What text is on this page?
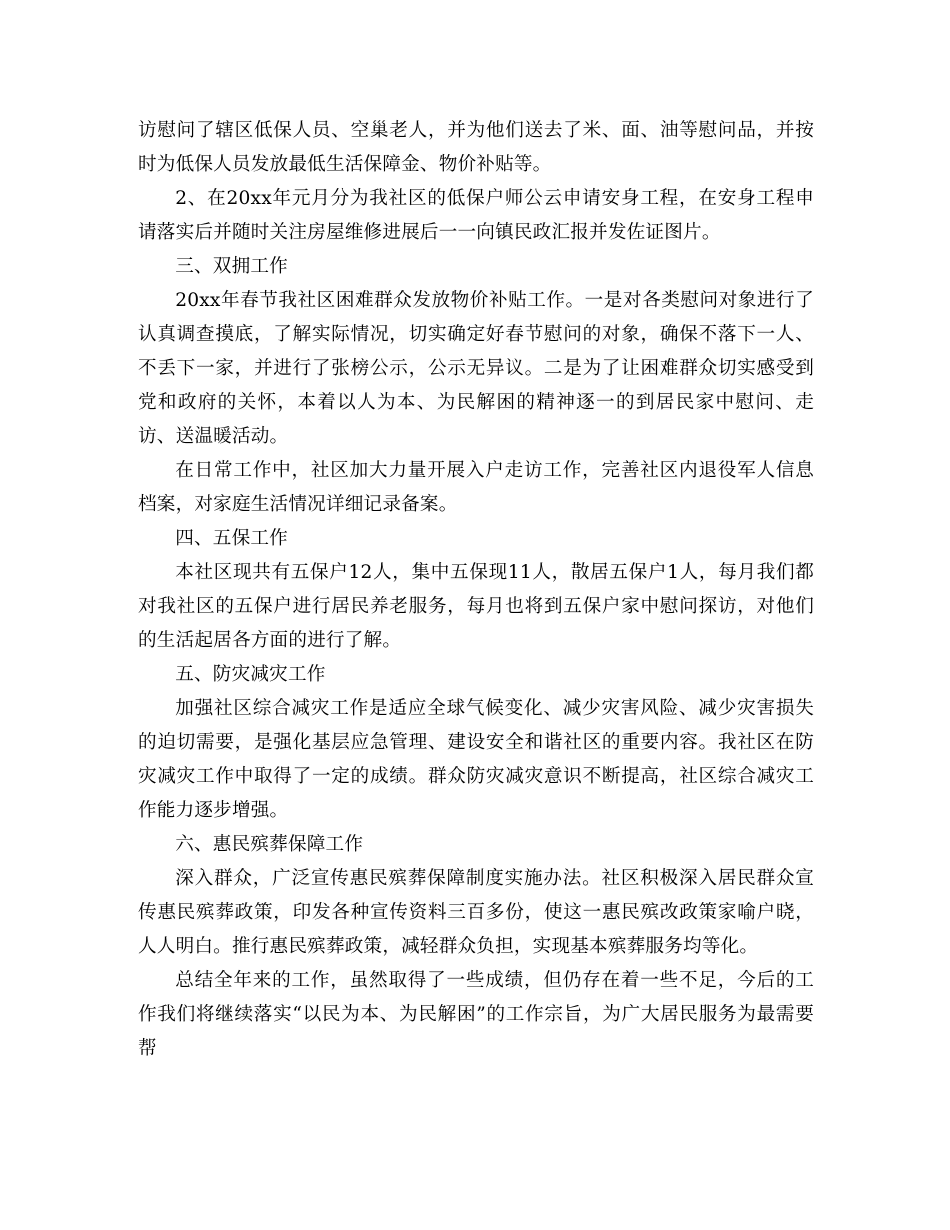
访慰问了辖区低保人员、空巢老人，并为他们送去了米、面、油等慰问品，并按时为低保人员发放最低生活保障金、物价补贴等。

2、在20xx年元月分为我社区的低保户师公云申请安身工程，在安身工程申请落实后并随时关注房屋维修进展后一一向镇民政汇报并发佐证图片。

三、双拥工作

20xx年春节我社区困难群众发放物价补贴工作。一是对各类慰问对象进行了认真调查摸底，了解实际情况，切实确定好春节慰问的对象，确保不落下一人、不丢下一家，并进行了张榜公示，公示无异议。二是为了让困难群众切实感受到党和政府的关怀，本着以人为本、为民解困的精神逐一的到居民家中慰问、走访、送温暖活动。

在日常工作中，社区加大力量开展入户走访工作，完善社区内退役军人信息档案，对家庭生活情况详细记录备案。

四、五保工作

本社区现共有五保户12人，集中五保现11人，散居五保户1人，每月我们都对我社区的五保户进行居民养老服务，每月也将到五保户家中慰问探访，对他们的生活起居各方面的进行了解。

五、防灾减灾工作

加强社区综合减灾工作是适应全球气候变化、减少灾害风险、减少灾害损失的迫切需要，是强化基层应急管理、建设安全和谐社区的重要内容。我社区在防灾减灾工作中取得了一定的成绩。群众防灾减灾意识不断提高，社区综合减灾工作能力逐步增强。

六、惠民殡葬保障工作

深入群众，广泛宣传惠民殡葬保障制度实施办法。社区积极深入居民群众宣传惠民殡葬政策，印发各种宣传资料三百多份，使这一惠民殡改政策家喻户晓，人人明白。推行惠民殡葬政策，减轻群众负担，实现基本殡葬服务均等化。

总结全年来的工作，虽然取得了一些成绩，但仍存在着一些不足，今后的工作我们将继续落实“以民为本、为民解困”的工作宗旨，为广大居民服务为最需要帮
